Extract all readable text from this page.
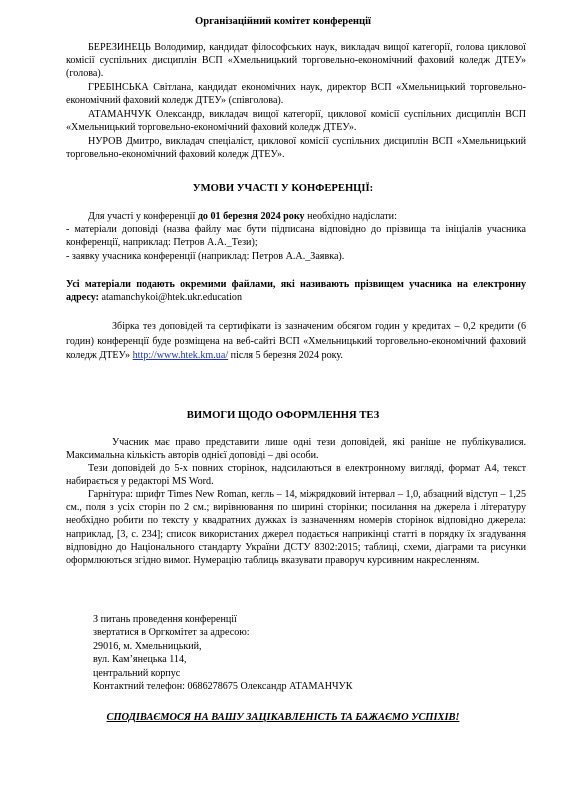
Організаційний комітет конференції

БЕРЕЗИНЕЦЬ Володимир, кандидат філософських наук, викладач вищої категорії, голова циклової комісії суспільних дисциплін ВСП «Хмельницький торговельно-економічний фаховий коледж ДТЕУ» (голова).

ГРЕБІНСЬКА Світлана, кандидат економічних наук, директор ВСП «Хмельницький торговельно-економічний фаховий коледж ДТЕУ» (співголова).

АТАМАНЧУК Олександр, викладач вищої категорії, циклової комісії суспільних дисциплін ВСП «Хмельницький торговельно-економічний фаховий коледж ДТЕУ».

НУРОВ Дмитро, викладач спеціаліст, циклової комісії суспільних дисциплін ВСП «Хмельницький торговельно-економічний фаховий коледж ДТЕУ».

УМОВИ УЧАСТІ У КОНФЕРЕНЦІЇ:

Для участі у конференції до 01 березня 2024 року необхідно надіслати:

- матеріали доповіді (назва файлу має бути підписана відповідно до прізвища та ініціалів учасника конференції, наприклад: Петров А.А._Тези);

- заявку учасника конференції (наприклад: Петров А.А._Заявка).

Усі матеріали подають окремими файлами, які називають прізвищем учасника на електронну адресу: atamanchykoi@htek.ukr.education

Збірка тез доповідей та сертифікати із зазначеним обсягом годин у кредитах – 0,2 кредити (6 годин) конференції буде розміщена на веб-сайті ВСП «Хмельницький торговельно-економічний фаховий коледж ДТЕУ» http://www.htek.km.ua/ після 5 березня 2024 року.

ВИМОГИ ЩОДО ОФОРМЛЕННЯ ТЕЗ

Учасник має право представити лише одні тези доповідей, які раніше не публікувалися. Максимальна кількість авторів однієї доповіді – дві особи.

Тези доповідей до 5-х повних сторінок, надсилаються в електронному вигляді, формат А4, текст набирається у редакторі MS Word.

Гарнітура: шрифт Times New Roman, кегль – 14, міжрядковий інтервал – 1,0, абзацний відступ – 1,25 см., поля з усіх сторін по 2 см.; вирівнювання по ширині сторінки; посилання на джерела і літературу необхідно робити по тексту у квадратних дужках із зазначенням номерів сторінок відповідно джерела: наприклад, [3, с. 234]; список використаних джерел подається наприкінці статті в порядку їх згадування відповідно до Національного стандарту України ДСТУ 8302:2015; таблиці, схеми, діаграми та рисунки оформлюються згідно вимог. Нумерацію таблиць вказувати праворуч курсивним накресленням.

З питань проведення конференції
звертатися в Оргкомітет за адресою:
29016, м. Хмельницький,
вул. Кам’янецька 114,
центральний корпус
Контактний телефон: 0686278675 Олександр АТАМАНЧУК

СПОДІВАЄМОСЯ НА ВАШУ ЗАЦІКАВЛЕНІСТЬ ТА БАЖАЄМО УСПІХІВ!
